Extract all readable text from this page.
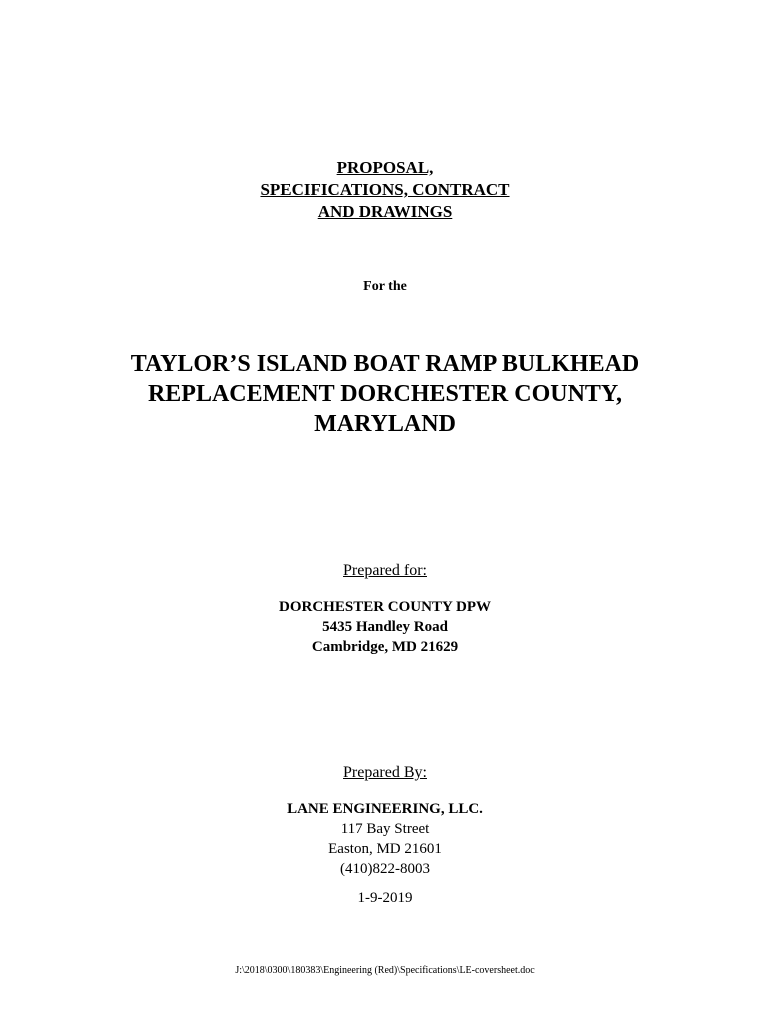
PROPOSAL,
SPECIFICATIONS, CONTRACT
AND DRAWINGS
For the
TAYLOR’S ISLAND BOAT RAMP BULKHEAD
REPLACEMENT DORCHESTER COUNTY,
MARYLAND
Prepared for:
DORCHESTER COUNTY DPW
5435 Handley Road
Cambridge, MD 21629
Prepared By:
LANE ENGINEERING, LLC.
117 Bay Street
Easton, MD 21601
(410)822-8003
1-9-2019
J:\2018\0300\180383\Engineering (Red)\Specifications\LE-coversheet.doc
